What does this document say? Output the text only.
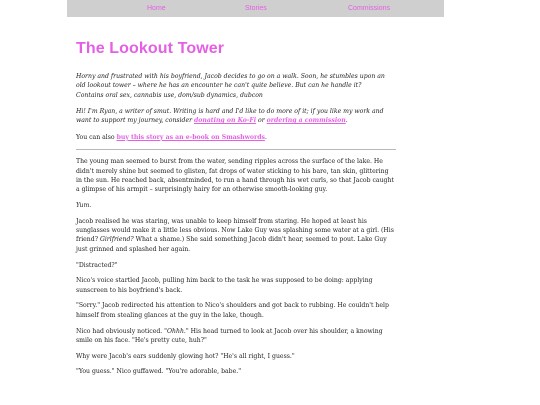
Home	Stories	Commissions
The Lookout Tower

Horny and frustrated with his boyfriend, Jacob decides to go on a walk. Soon, he stumbles upon an old lookout tower – where he has an encounter he can't quite believe. But can he handle it?
Contains oral sex, cannabis use, dom/sub dynamics, dubcon

Hi! I'm Ryan, a writer of smut. Writing is hard and I'd like to do more of it; if you like my work and want to support my journey, consider donating on Ko-Fi or ordering a commission.

You can also buy this story as an e-book on Smashwords.

The young man seemed to burst from the water, sending ripples across the surface of the lake. He didn't merely shine but seemed to glisten, fat drops of water sticking to his bare, tan skin, glittering in the sun. He reached back, absentminded, to run a hand through his wet curls, so that Jacob caught a glimpse of his armpit – surprisingly hairy for an otherwise smooth-looking guy.

Yum.

Jacob realised he was staring, was unable to keep himself from staring. He hoped at least his sunglasses would make it a little less obvious. Now Lake Guy was splashing some water at a girl. (His friend? Girlfriend? What a shame.) She said something Jacob didn't hear, seemed to pout. Lake Guy just grinned and splashed her again.

"Distracted?"

Nico's voice startled Jacob, pulling him back to the task he was supposed to be doing: applying sunscreen to his boyfriend's back.

"Sorry." Jacob redirected his attention to Nico's shoulders and got back to rubbing. He couldn't help himself from stealing glances at the guy in the lake, though.

Nico had obviously noticed. "Ohhh." His head turned to look at Jacob over his shoulder, a knowing smile on his face. "He's pretty cute, huh?"

Why were Jacob's ears suddenly glowing hot? "He's all right, I guess."

"You guess." Nico guffawed. "You're adorable, babe."
